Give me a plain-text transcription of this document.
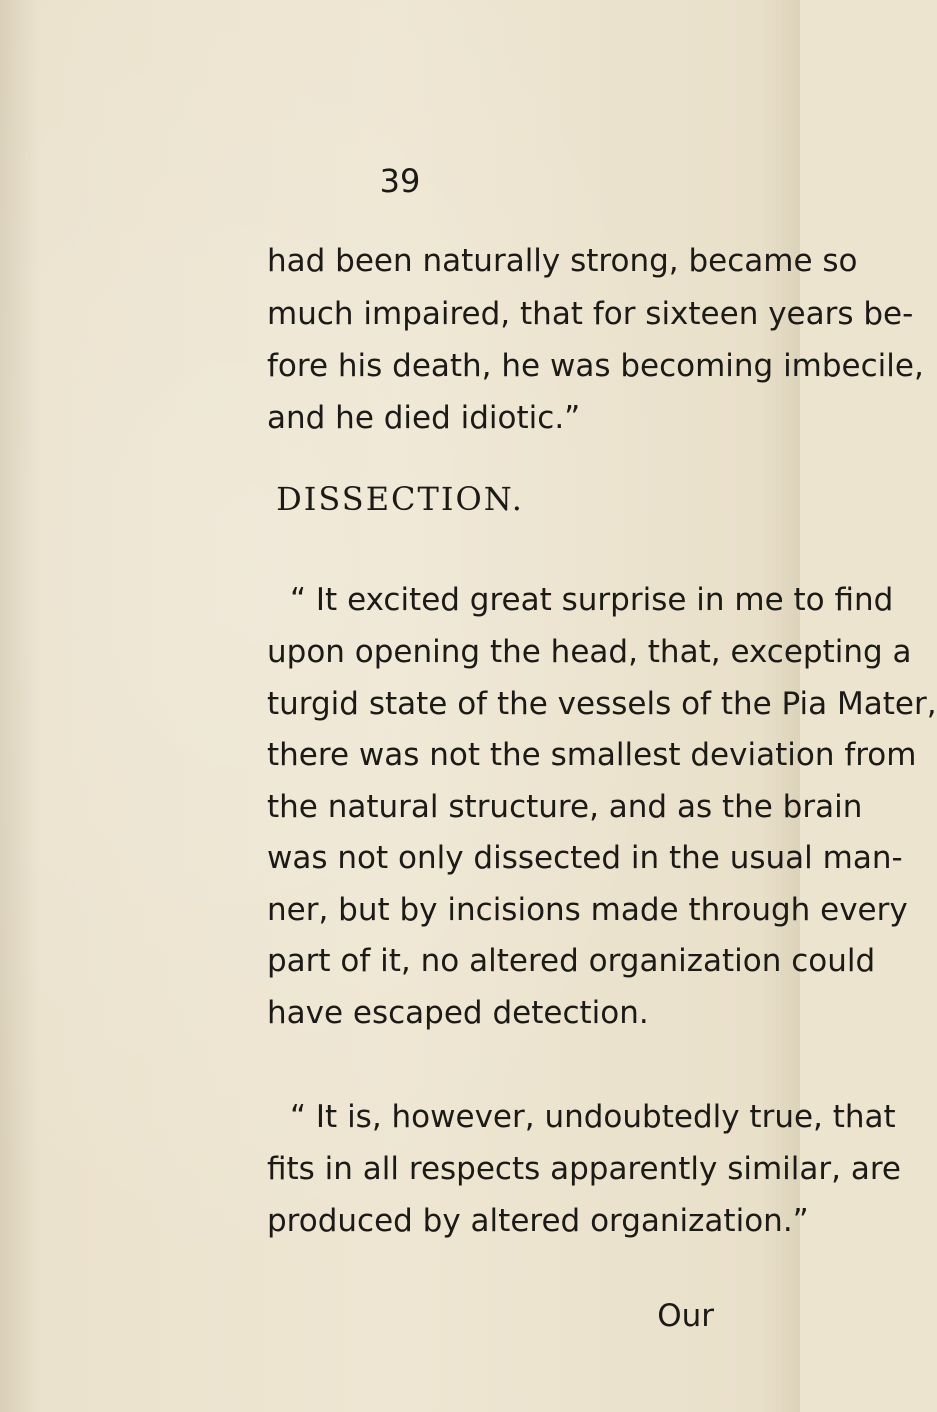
39
had been naturally strong, became so
much impaired, that for sixteen years be-
fore his death, he was becoming imbecile,
and he died idiotic.”
DISSECTION.
“ It excited great surprise in me to find
upon opening the head, that, excepting a
turgid state of the vessels of the Pia Mater,
there was not the smallest deviation from
the natural structure, and as the brain
was not only dissected in the usual man-
ner, but by incisions made through every
part of it, no altered organization could
have escaped detection.
“ It is, however, undoubtedly true, that
fits in all respects apparently similar, are
produced by altered organization.”
Our
